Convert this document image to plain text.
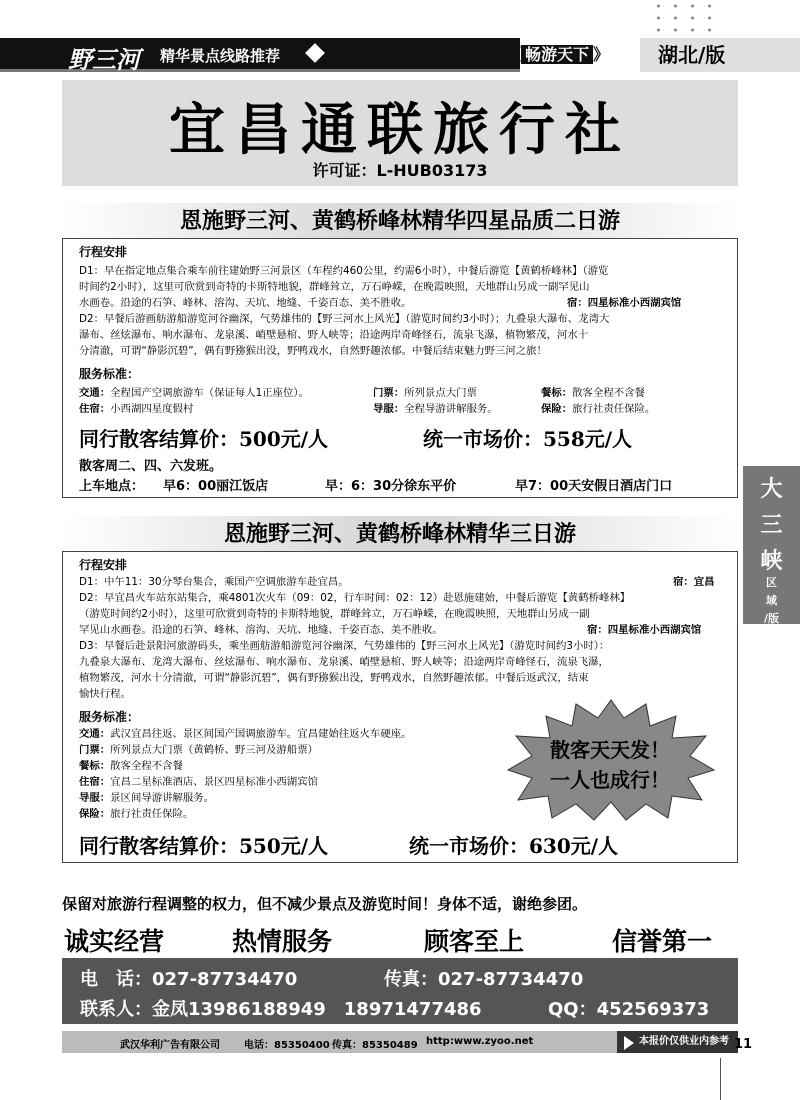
野三河 精华景点线路推荐	《 畅游天下 》	湖北/版
宜昌通联旅行社
许可证：L-HUB03173
恩施野三河、黄鹤桥峰林精华四星品质二日游
行程安排
D1：早在指定地点集合乘车前往建始野三河景区（车程约460公里，约需6小时），中餐后游览【黄鹤桥峰林】（游览
时间约2小时），这里可欣赏到奇特的卡斯特地貌，群峰耸立，万石峥嵘，在晚霞映照，天地群山另成一副罕见山
水画卷。沿途的石笋、峰林、溶沟、天坑、地缝、千姿百态、美不胜收。	宿：四星标准小西湖宾馆
D2：早餐后游画舫游船游览河谷幽深，气势雄伟的【野三河水上风光】（游览时间约3小时）；九叠泉大瀑布、龙湾大
瀑布、丝炫瀑布、响水瀑布、龙泉溪、峭壁悬棺、野人峡等；沿途两岸奇峰怪石，流泉飞瀑，植物繁茂，河水十
分清澈，可谓“静影沉碧”，偶有野猕猴出没，野鸭戏水，自然野趣浓郁。中餐后结束魅力野三河之旅！
服务标准：
交通：全程国产空调旅游车（保证每人1正座位）。	门票：所列景点大门票	餐标：散客全程不含餐
住宿：小西湖四星度假村	导服：全程导游讲解服务。	保险：旅行社责任保险。
同行散客结算价：500元/人	统一市场价：558元/人
散客周二、四、六发班。
上车地点： 早6：00丽江饭店	早：6：30分徐东平价	早7：00天安假日酒店门口	大
三
峡
区
域
/版
恩施野三河、黄鹤桥峰林精华三日游
行程安排
D1：中午11：30分琴台集合，乘国产空调旅游车赴宜昌。	宿：宜昌
D2：早宜昌火车站东站集合，乘4801次火车（09：02，行车时间：02：12）赴恩施建始，中餐后游览【黄鹤桥峰林】
（游览时间约2小时），这里可欣赏到奇特的卡斯特地貌，群峰耸立，万石峥嵘，在晚霞映照，天地群山另成一副
罕见山水画卷。沿途的石笋、峰林、溶沟、天坑、地缝、千姿百态、美不胜收。	宿：四星标准小西湖宾馆
D3：早餐后赴景阳河旅游码头，乘坐画舫游船游览河谷幽深，气势雄伟的【野三河水上风光】（游览时间约3小时）：
九叠泉大瀑布、龙湾大瀑布、丝炫瀑布、响水瀑布、龙泉溪、峭壁悬棺、野人峡等；沿途两岸奇峰怪石，流泉飞瀑，
植物繁茂，河水十分清澈，可谓“静影沉碧”，偶有野猕猴出没，野鸭戏水，自然野趣浓郁。中餐后返武汉，结束
愉快行程。
服务标准：
交通：武汉宜昌往返、景区间国产国调旅游车。宜昌建始往返火车硬座。
门票：所列景点大门票（黄鹤桥、野三河及游船票）
餐标：散客全程不含餐
住宿：宜昌二星标准酒店、景区四星标准小西湖宾馆
导服：景区间导游讲解服务。
保险：旅行社责任保险。
同行散客结算价：550元/人	统一市场价：630元/人
散客天天发！
一人也成行！
保留对旅游行程调整的权力，但不减少景点及游览时间！身体不适，谢绝参团。
诚实经营	热情服务	顾客至上	信誉第一
电　话：027-87734470	传真：027-87734470
联系人：金凤13986188949　18971477486	QQ：452569373
武汉华利广告有限公司 电话：85350400 传真：85350489 http:www.zyoo.net	本报价仅供业内参考 11
